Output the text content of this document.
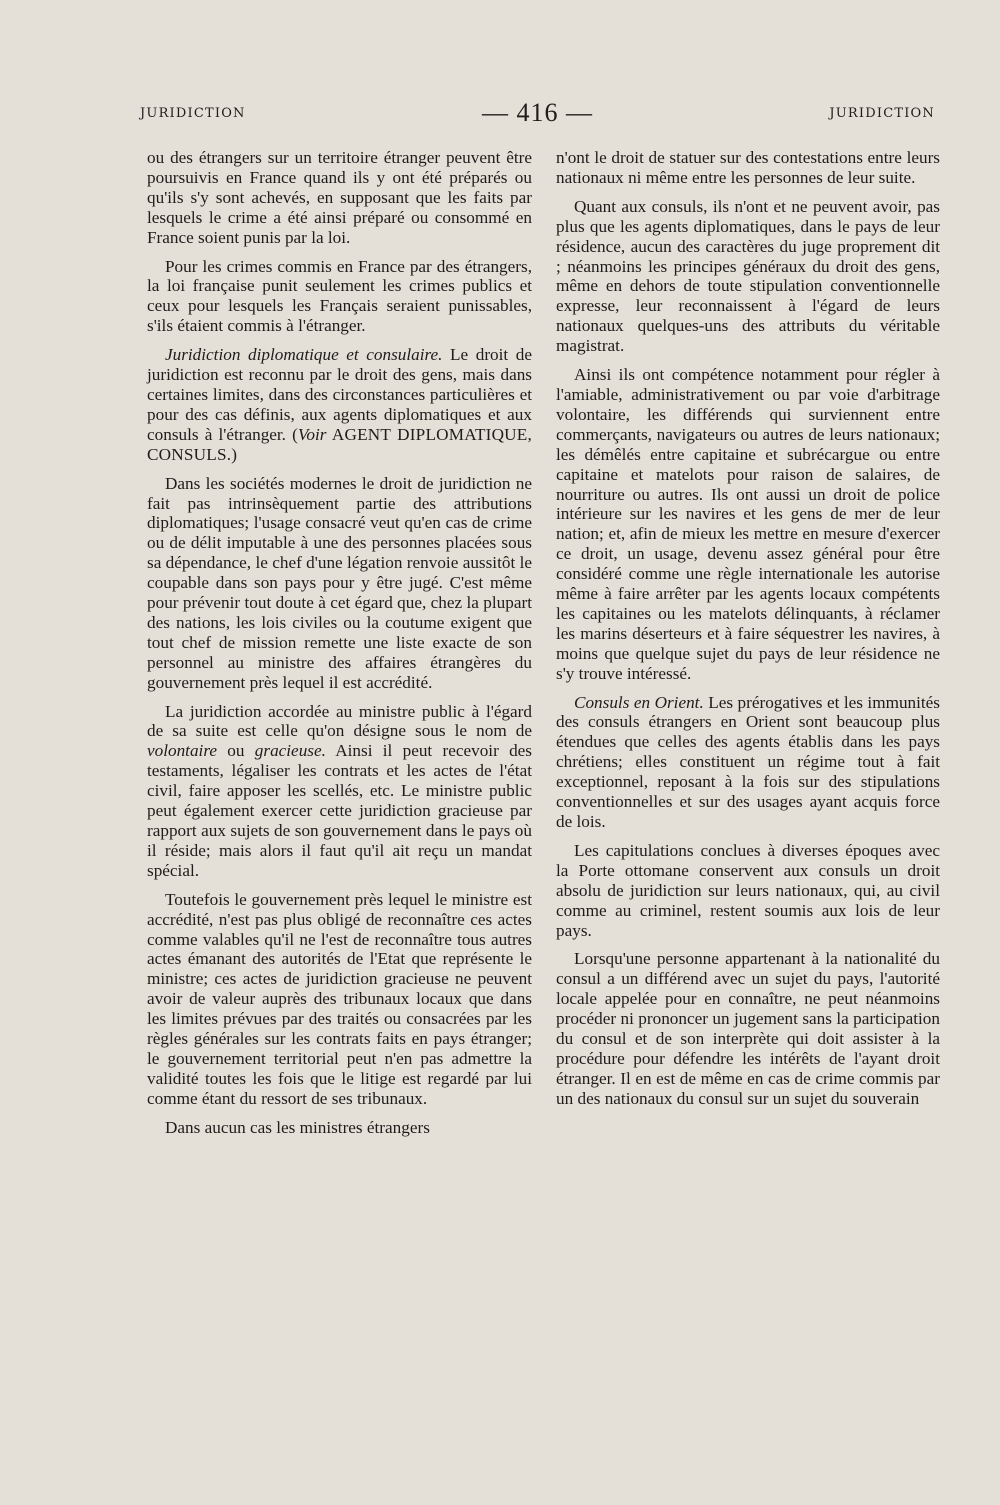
JURIDICTION	— 416 —	JURIDICTION

ou des étrangers sur un territoire étranger peuvent être poursuivis en France quand ils y ont été préparés ou qu'ils s'y sont achevés, en supposant que les faits par lesquels le crime a été ainsi préparé ou consommé en France soient punis par la loi.

Pour les crimes commis en France par des étrangers, la loi française punit seulement les crimes publics et ceux pour lesquels les Français seraient punissables, s'ils étaient commis à l'étranger.

Juridiction diplomatique et consulaire. Le droit de juridiction est reconnu par le droit des gens, mais dans certaines limites, dans des circonstances particulières et pour des cas définis, aux agents diplomatiques et aux consuls à l'étranger. (Voir AGENT DIPLOMATIQUE, CONSULS.)

Dans les sociétés modernes le droit de juridiction ne fait pas intrinsèquement partie des attributions diplomatiques; l'usage consacré veut qu'en cas de crime ou de délit imputable à une des personnes placées sous sa dépendance, le chef d'une légation renvoie aussitôt le coupable dans son pays pour y être jugé. C'est même pour prévenir tout doute à cet égard que, chez la plupart des nations, les lois civiles ou la coutume exigent que tout chef de mission remette une liste exacte de son personnel au ministre des affaires étrangères du gouvernement près lequel il est accrédité.

La juridiction accordée au ministre public à l'égard de sa suite est celle qu'on désigne sous le nom de volontaire ou gracieuse. Ainsi il peut recevoir des testaments, légaliser les contrats et les actes de l'état civil, faire apposer les scellés, etc. Le ministre public peut également exercer cette juridiction gracieuse par rapport aux sujets de son gouvernement dans le pays où il réside; mais alors il faut qu'il ait reçu un mandat spécial.

Toutefois le gouvernement près lequel le ministre est accrédité, n'est pas plus obligé de reconnaître ces actes comme valables qu'il ne l'est de reconnaître tous autres actes émanant des autorités de l'Etat que représente le ministre; ces actes de juridiction gracieuse ne peuvent avoir de valeur auprès des tribunaux locaux que dans les limites prévues par des traités ou consacrées par les règles générales sur les contrats faits en pays étranger; le gouvernement territorial peut n'en pas admettre la validité toutes les fois que le litige est regardé par lui comme étant du ressort de ses tribunaux.

Dans aucun cas les ministres étrangers

n'ont le droit de statuer sur des contestations entre leurs nationaux ni même entre les personnes de leur suite.

Quant aux consuls, ils n'ont et ne peuvent avoir, pas plus que les agents diplomatiques, dans le pays de leur résidence, aucun des caractères du juge proprement dit ; néanmoins les principes généraux du droit des gens, même en dehors de toute stipulation conventionnelle expresse, leur reconnaissent à l'égard de leurs nationaux quelques-uns des attributs du véritable magistrat.

Ainsi ils ont compétence notamment pour régler à l'amiable, administrativement ou par voie d'arbitrage volontaire, les différends qui surviennent entre commerçants, navigateurs ou autres de leurs nationaux; les démêlés entre capitaine et subrécargue ou entre capitaine et matelots pour raison de salaires, de nourriture ou autres. Ils ont aussi un droit de police intérieure sur les navires et les gens de mer de leur nation; et, afin de mieux les mettre en mesure d'exercer ce droit, un usage, devenu assez général pour être considéré comme une règle internationale les autorise même à faire arrêter par les agents locaux compétents les capitaines ou les matelots délinquants, à réclamer les marins déserteurs et à faire séquestrer les navires, à moins que quelque sujet du pays de leur résidence ne s'y trouve intéressé.

Consuls en Orient. Les prérogatives et les immunités des consuls étrangers en Orient sont beaucoup plus étendues que celles des agents établis dans les pays chrétiens; elles constituent un régime tout à fait exceptionnel, reposant à la fois sur des stipulations conventionnelles et sur des usages ayant acquis force de lois.

Les capitulations conclues à diverses époques avec la Porte ottomane conservent aux consuls un droit absolu de juridiction sur leurs nationaux, qui, au civil comme au criminel, restent soumis aux lois de leur pays.

Lorsqu'une personne appartenant à la nationalité du consul a un différend avec un sujet du pays, l'autorité locale appelée pour en connaître, ne peut néanmoins procéder ni prononcer un jugement sans la participation du consul et de son interprète qui doit assister à la procédure pour défendre les intérêts de l'ayant droit étranger. Il en est de même en cas de crime commis par un des nationaux du consul sur un sujet du souverain
